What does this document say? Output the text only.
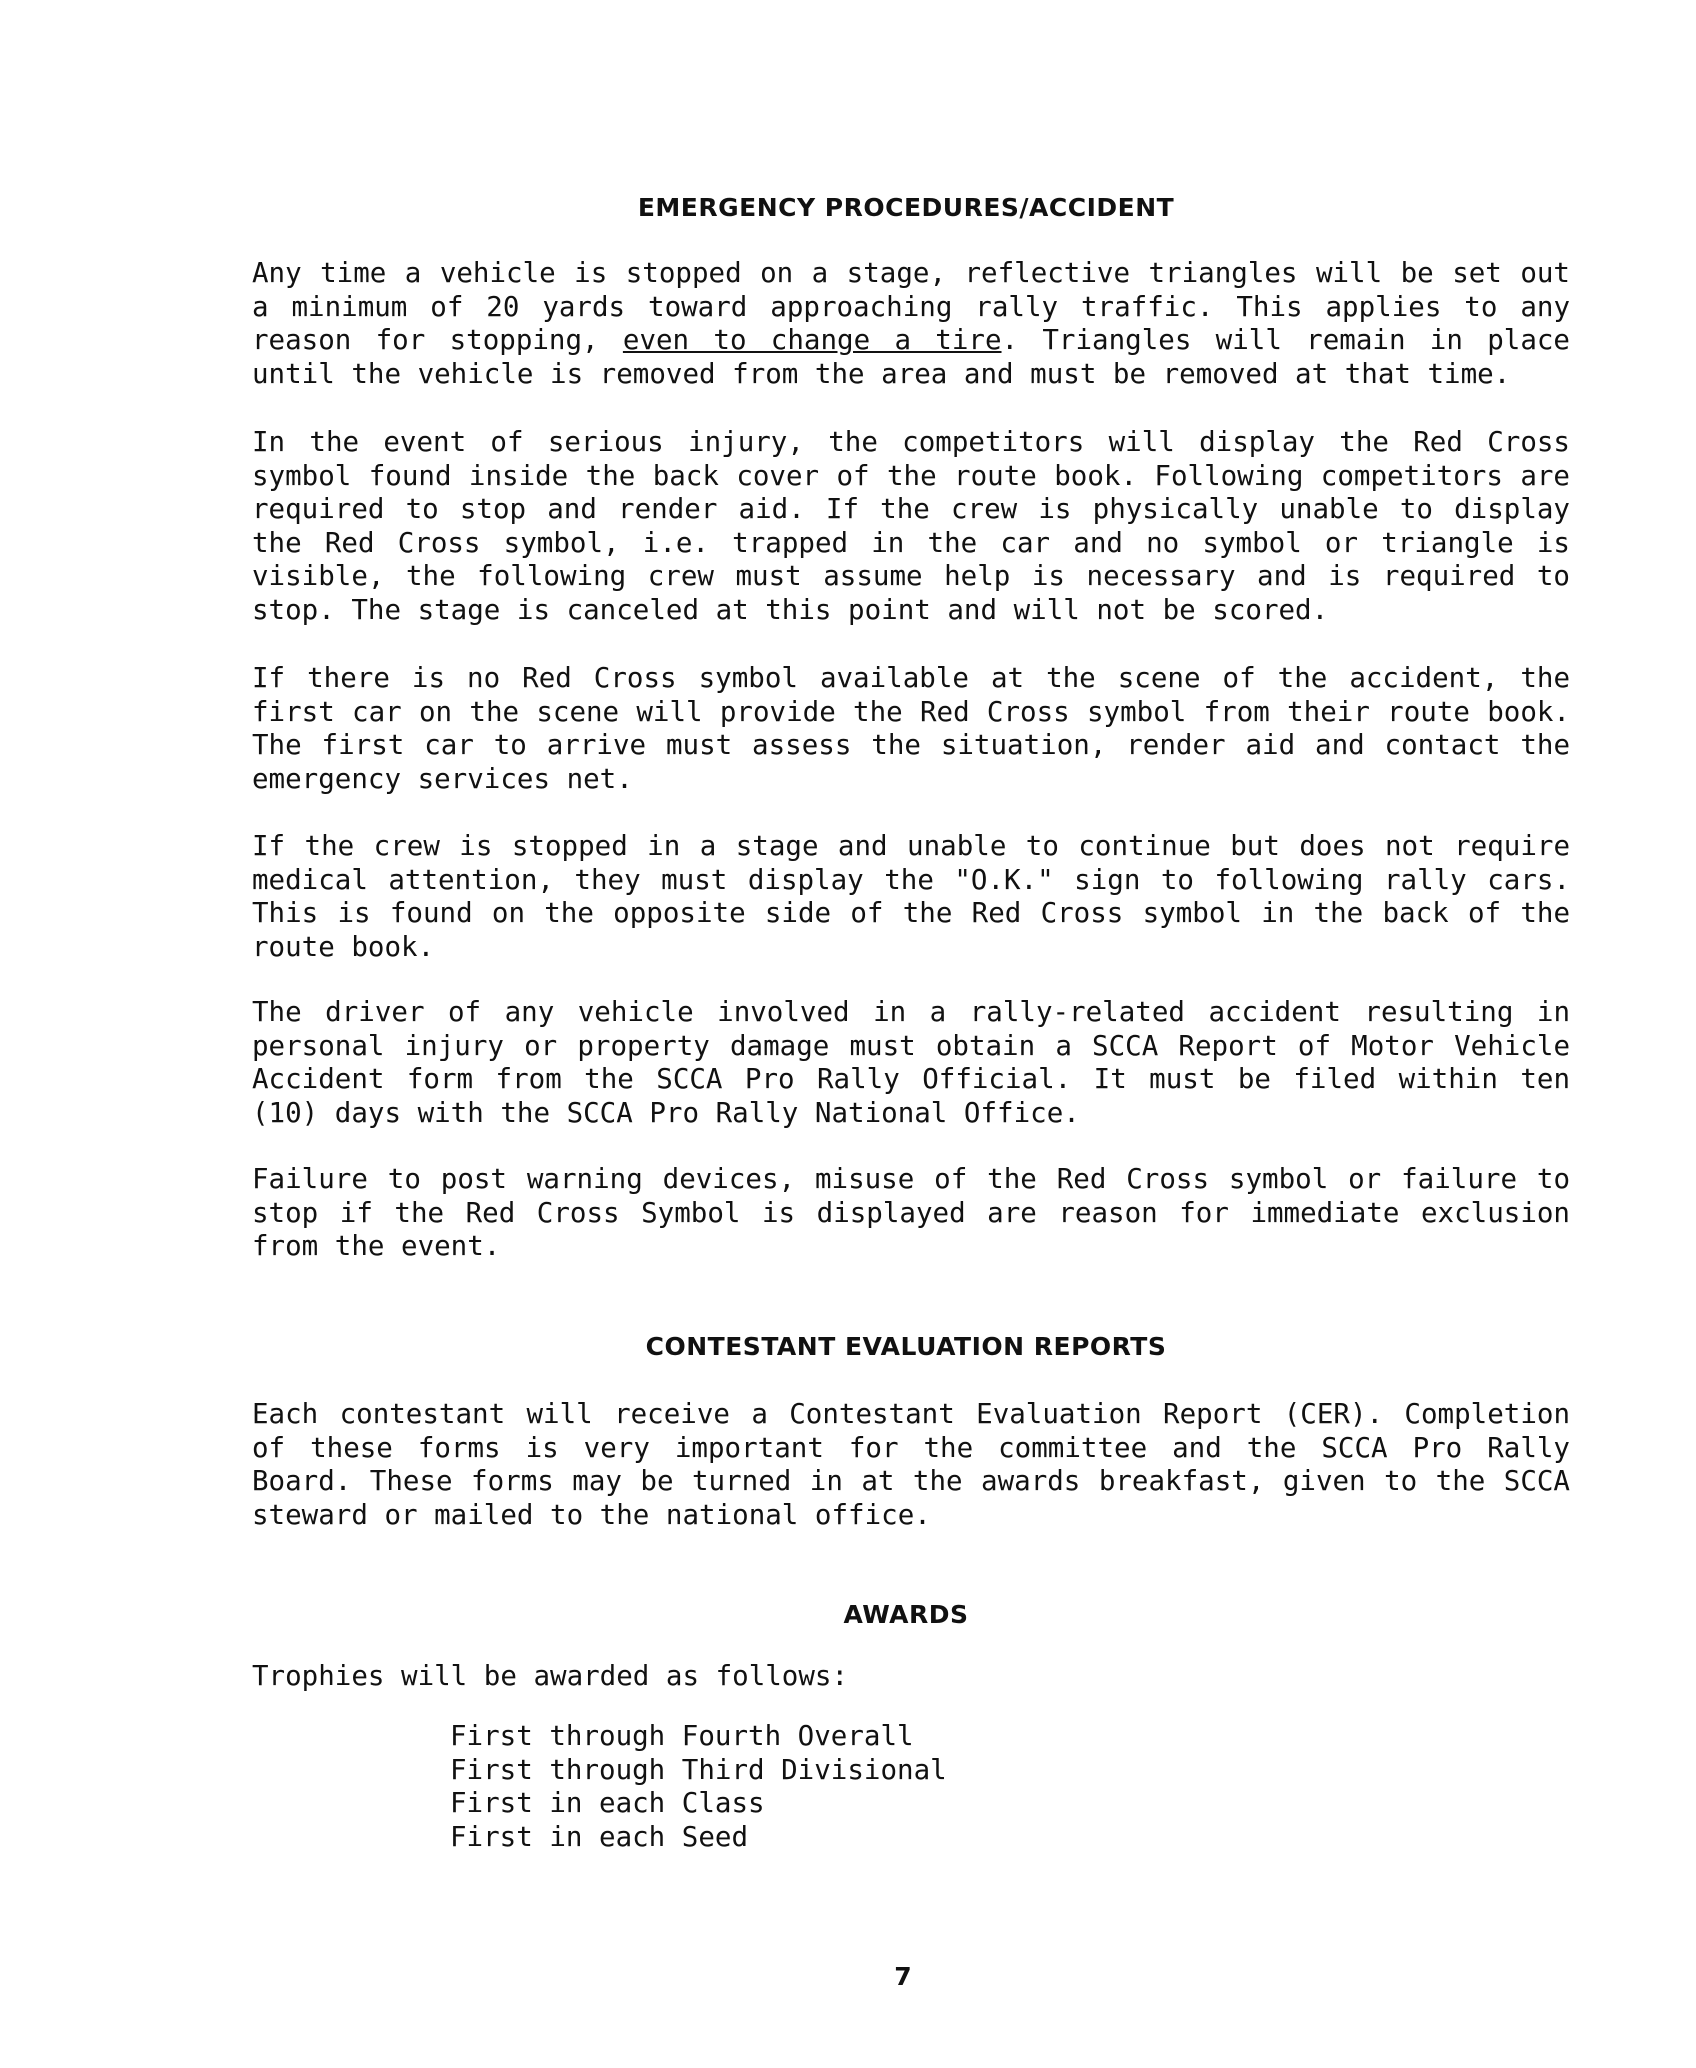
EMERGENCY PROCEDURES/ACCIDENT

Any time a vehicle is stopped on a stage, reflective triangles will be set out a minimum of 20 yards toward approaching rally traffic. This applies to any reason for stopping, even to change a tire. Triangles will remain in place until the vehicle is removed from the area and must be removed at that time.

In the event of serious injury, the competitors will display the Red Cross symbol found inside the back cover of the route book. Following competitors are required to stop and render aid. If the crew is physically unable to display the Red Cross symbol, i.e. trapped in the car and no symbol or triangle is visible, the following crew must assume help is necessary and is required to stop. The stage is canceled at this point and will not be scored.

If there is no Red Cross symbol available at the scene of the accident, the first car on the scene will provide the Red Cross symbol from their route book. The first car to arrive must assess the situation, render aid and contact the emergency services net.

If the crew is stopped in a stage and unable to continue but does not require medical attention, they must display the "O.K." sign to following rally cars. This is found on the opposite side of the Red Cross symbol in the back of the route book.

The driver of any vehicle involved in a rally-related accident resulting in personal injury or property damage must obtain a SCCA Report of Motor Vehicle Accident form from the SCCA Pro Rally Official. It must be filed within ten (10) days with the SCCA Pro Rally National Office.

Failure to post warning devices, misuse of the Red Cross symbol or failure to stop if the Red Cross Symbol is displayed are reason for immediate exclusion from the event.

CONTESTANT EVALUATION REPORTS

Each contestant will receive a Contestant Evaluation Report (CER). Completion of these forms is very important for the committee and the SCCA Pro Rally Board. These forms may be turned in at the awards breakfast, given to the SCCA steward or mailed to the national office.

AWARDS

Trophies will be awarded as follows:

First through Fourth Overall
First through Third Divisional
First in each Class
First in each Seed
7
